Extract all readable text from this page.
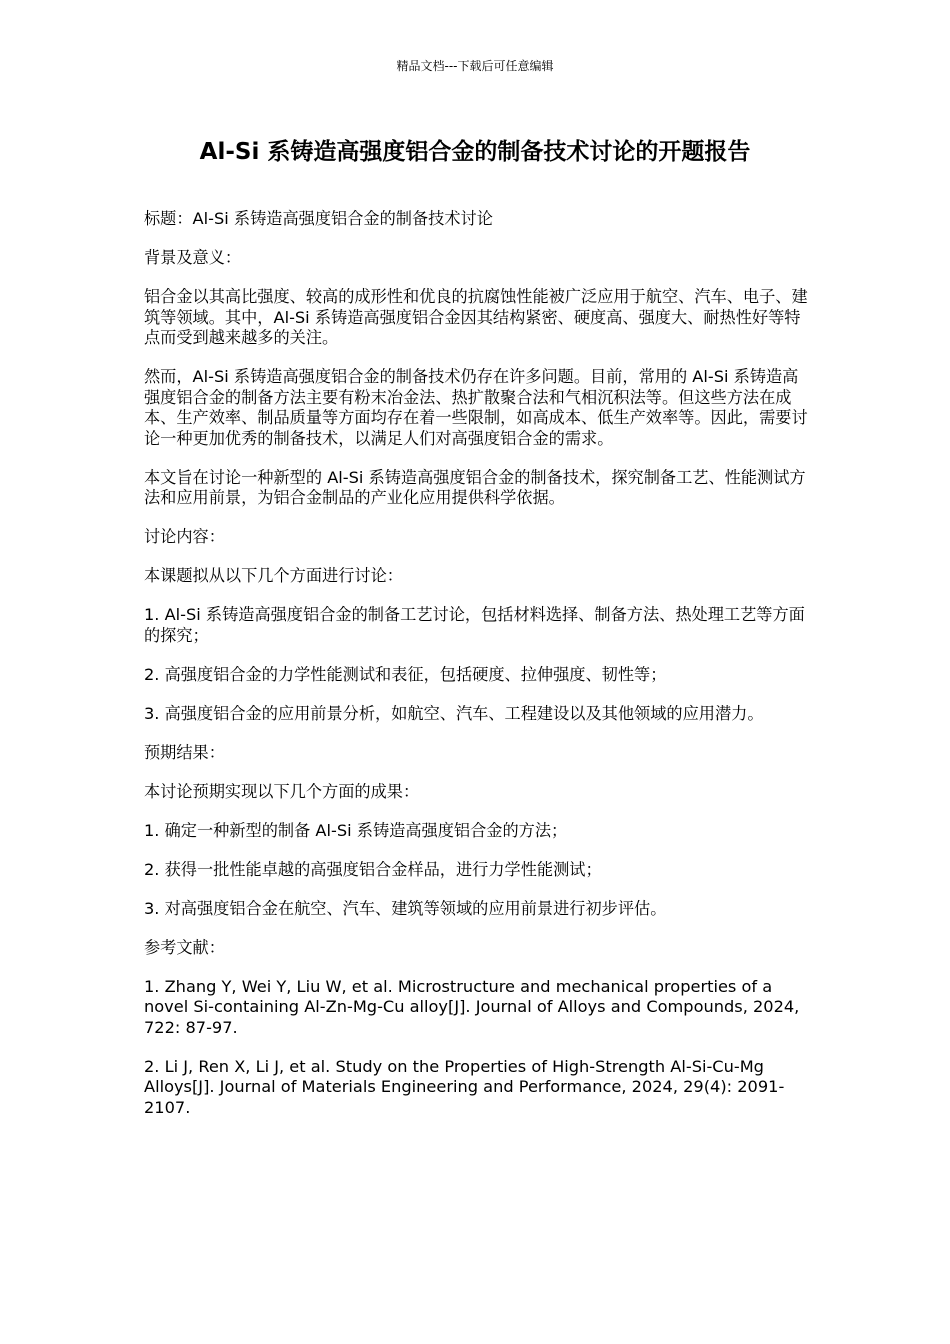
精品文档---下载后可任意编辑
Al-Si 系铸造高强度铝合金的制备技术讨论的开题报告

标题：Al-Si 系铸造高强度铝合金的制备技术讨论

背景及意义：

铝合金以其高比强度、较高的成形性和优良的抗腐蚀性能被广泛应用于航空、汽车、电子、建筑等领域。其中，Al-Si 系铸造高强度铝合金因其结构紧密、硬度高、强度大、耐热性好等特点而受到越来越多的关注。

然而，Al-Si 系铸造高强度铝合金的制备技术仍存在许多问题。目前，常用的 Al-Si 系铸造高强度铝合金的制备方法主要有粉末冶金法、热扩散聚合法和气相沉积法等。但这些方法在成本、生产效率、制品质量等方面均存在着一些限制，如高成本、低生产效率等。因此，需要讨论一种更加优秀的制备技术，以满足人们对高强度铝合金的需求。

本文旨在讨论一种新型的 Al-Si 系铸造高强度铝合金的制备技术，探究制备工艺、性能测试方法和应用前景，为铝合金制品的产业化应用提供科学依据。

讨论内容：

本课题拟从以下几个方面进行讨论：

1. Al-Si 系铸造高强度铝合金的制备工艺讨论，包括材料选择、制备方法、热处理工艺等方面的探究；

2. 高强度铝合金的力学性能测试和表征，包括硬度、拉伸强度、韧性等；

3. 高强度铝合金的应用前景分析，如航空、汽车、工程建设以及其他领域的应用潜力。

预期结果：

本讨论预期实现以下几个方面的成果：

1. 确定一种新型的制备 Al-Si 系铸造高强度铝合金的方法；

2. 获得一批性能卓越的高强度铝合金样品，进行力学性能测试；

3. 对高强度铝合金在航空、汽车、建筑等领域的应用前景进行初步评估。

参考文献：

1. Zhang Y, Wei Y, Liu W, et al. Microstructure and mechanical properties of a novel Si-containing Al-Zn-Mg-Cu alloy[J]. Journal of Alloys and Compounds, 2024, 722: 87-97.

2. Li J, Ren X, Li J, et al. Study on the Properties of High-Strength Al-Si-Cu-Mg Alloys[J]. Journal of Materials Engineering and Performance, 2024, 29(4): 2091-2107.
